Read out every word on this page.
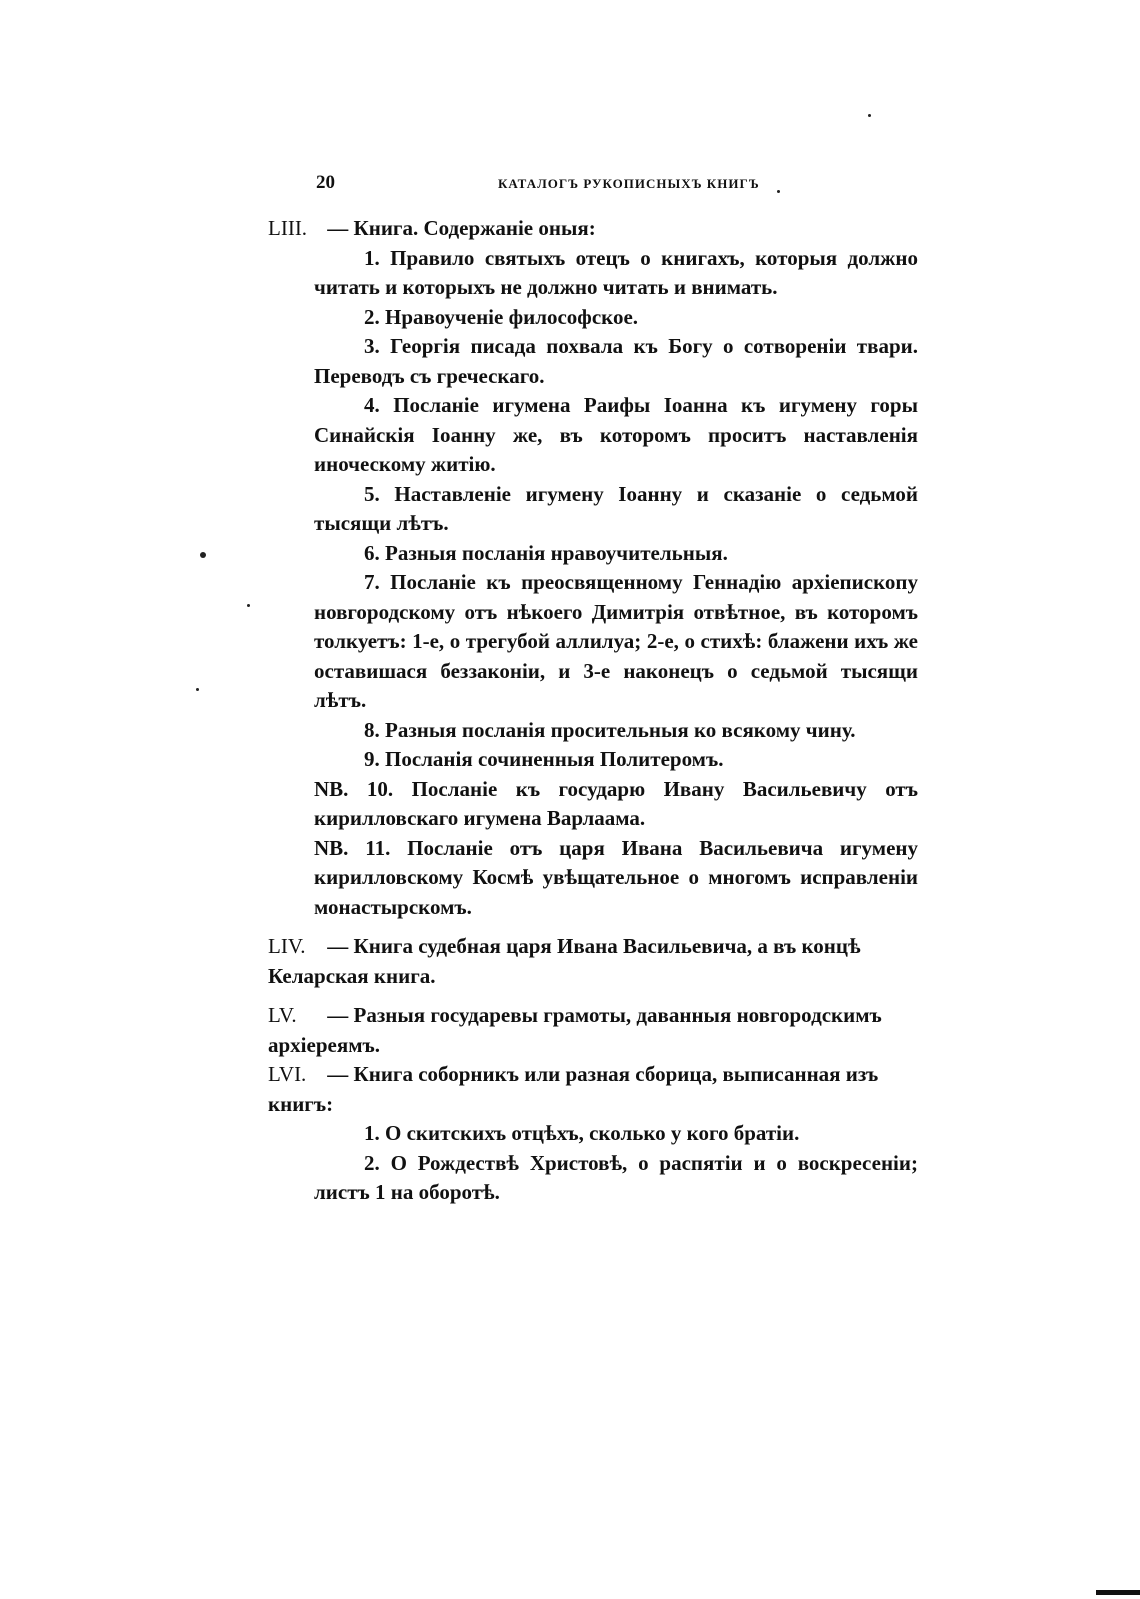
20	КАТАЛОГЪ РУКОПИСНЫХЪ КНИГЪ
LIII. — Книга. Содержаніе оныя:

1. Правило святыхъ отецъ о книгахъ, которыя должно читать и которыхъ не должно читать и внимать.

2. Нравоученіе философское.

3. Георгія писада похвала къ Богу о сотвореніи твари. Переводъ съ греческаго.

4. Посланіе игумена Раифы Іоанна къ игумену горы Синайскія Іоанну же, въ которомъ проситъ наставленія иноческому житію.

5. Наставленіе игумену Іоанну и сказаніе о седьмой тысящи лѣтъ.

6. Разныя посланія нравоучительныя.

7. Посланіе къ преосвященному Геннадію архіепископу новгородскому отъ нѣкоего Димитрія отвѣтное, въ которомъ толкуетъ: 1-е, о трегубой аллилуа; 2-е, о стихѣ: блажени ихъ же оставишася беззаконіи, и 3-е наконецъ о седьмой тысящи лѣтъ.

8. Разныя посланія просительныя ко всякому чину.

9. Посланія сочиненныя Политеромъ.

NB. 10. Посланіе къ государю Ивану Васильевичу отъ кирилловскаго игумена Варлаама.

NB. 11. Посланіе отъ царя Ивана Васильевича игумену кирилловскому Космѣ увѣщательное о многомъ исправленіи монастырскомъ.

LIV. — Книга судебная царя Ивана Васильевича, а въ концѣ Келарская книга.
LV. — Разныя государевы грамоты, даванныя новгородскимъ архіереямъ.
LVI. — Книга соборникъ или разная сборица, выписанная изъ книгъ:

1. О скитскихъ отцѣхъ, сколько у кого братіи.

2. О Рождествѣ Христовѣ, о распятіи и о воскресеніи; листъ 1 на оборотѣ.
